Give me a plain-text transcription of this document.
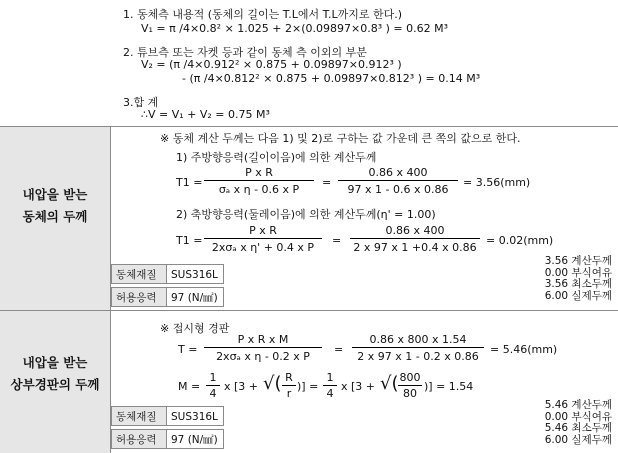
1. 동체측 내용적 (동체의 길이는 T.L에서 T.L까지로 한다.)
V₁ = π /4×0.8² × 1.025 + 2×(0.09897×0.8³ ) = 0.62 M³
2. 튜브측 또는 자켓 등과 같이 동체 측 이외의 부분
V₂ = (π /4×0.912² × 0.875 + 0.09897×0.912³ )
- (π /4×0.812² × 0.875 + 0.09897×0.812³ ) = 0.14 M³
3.합 계
∴V = V₁ + V₂ = 0.75 M³
내압을 받는
동체의 두께
※ 동체 계산 두께는 다음 1) 및 2)로 구하는 값 가운데 큰 쪽의 값으로 한다.
1) 주방향응력(길이이음)에 의한 계산두께
T1 =
P x R
σₐ x η - 0.6 x P
=
0.86 x 400
97 x 1 - 0.6 x 0.86
= 3.56(mm)
2) 축방향응력(둘레이음)에 의한 계산두께(η' = 1.00)
T1 =
P x R
2xσₐ x η' + 0.4 x P
=
0.86 x 400
2 x 97 x 1 +0.4 x 0.86
= 0.02(mm)
동체재질	SUS316L
허용응력	97 (N/㎟)
3.56 계산두께
0.00 부식여유
3.56 최소두께
6.00 실제두께
내압을 받는
상부경판의 두께
※ 접시형 경판
T =
P x R x M
2xσₐ x η - 0.2 x P
=
0.86 x 800 x 1.54
2 x 97 x 1 - 0.2 x 0.86
= 5.46(mm)
M =
1
4
x [3 + √( R
r
)] =
1
4
x [3 + √( 800
80
)] = 1.54
동체재질	SUS316L
허용응력	97 (N/㎟)
5.46 계산두께
0.00 부식여유
5.46 최소두께
6.00 실제두께
